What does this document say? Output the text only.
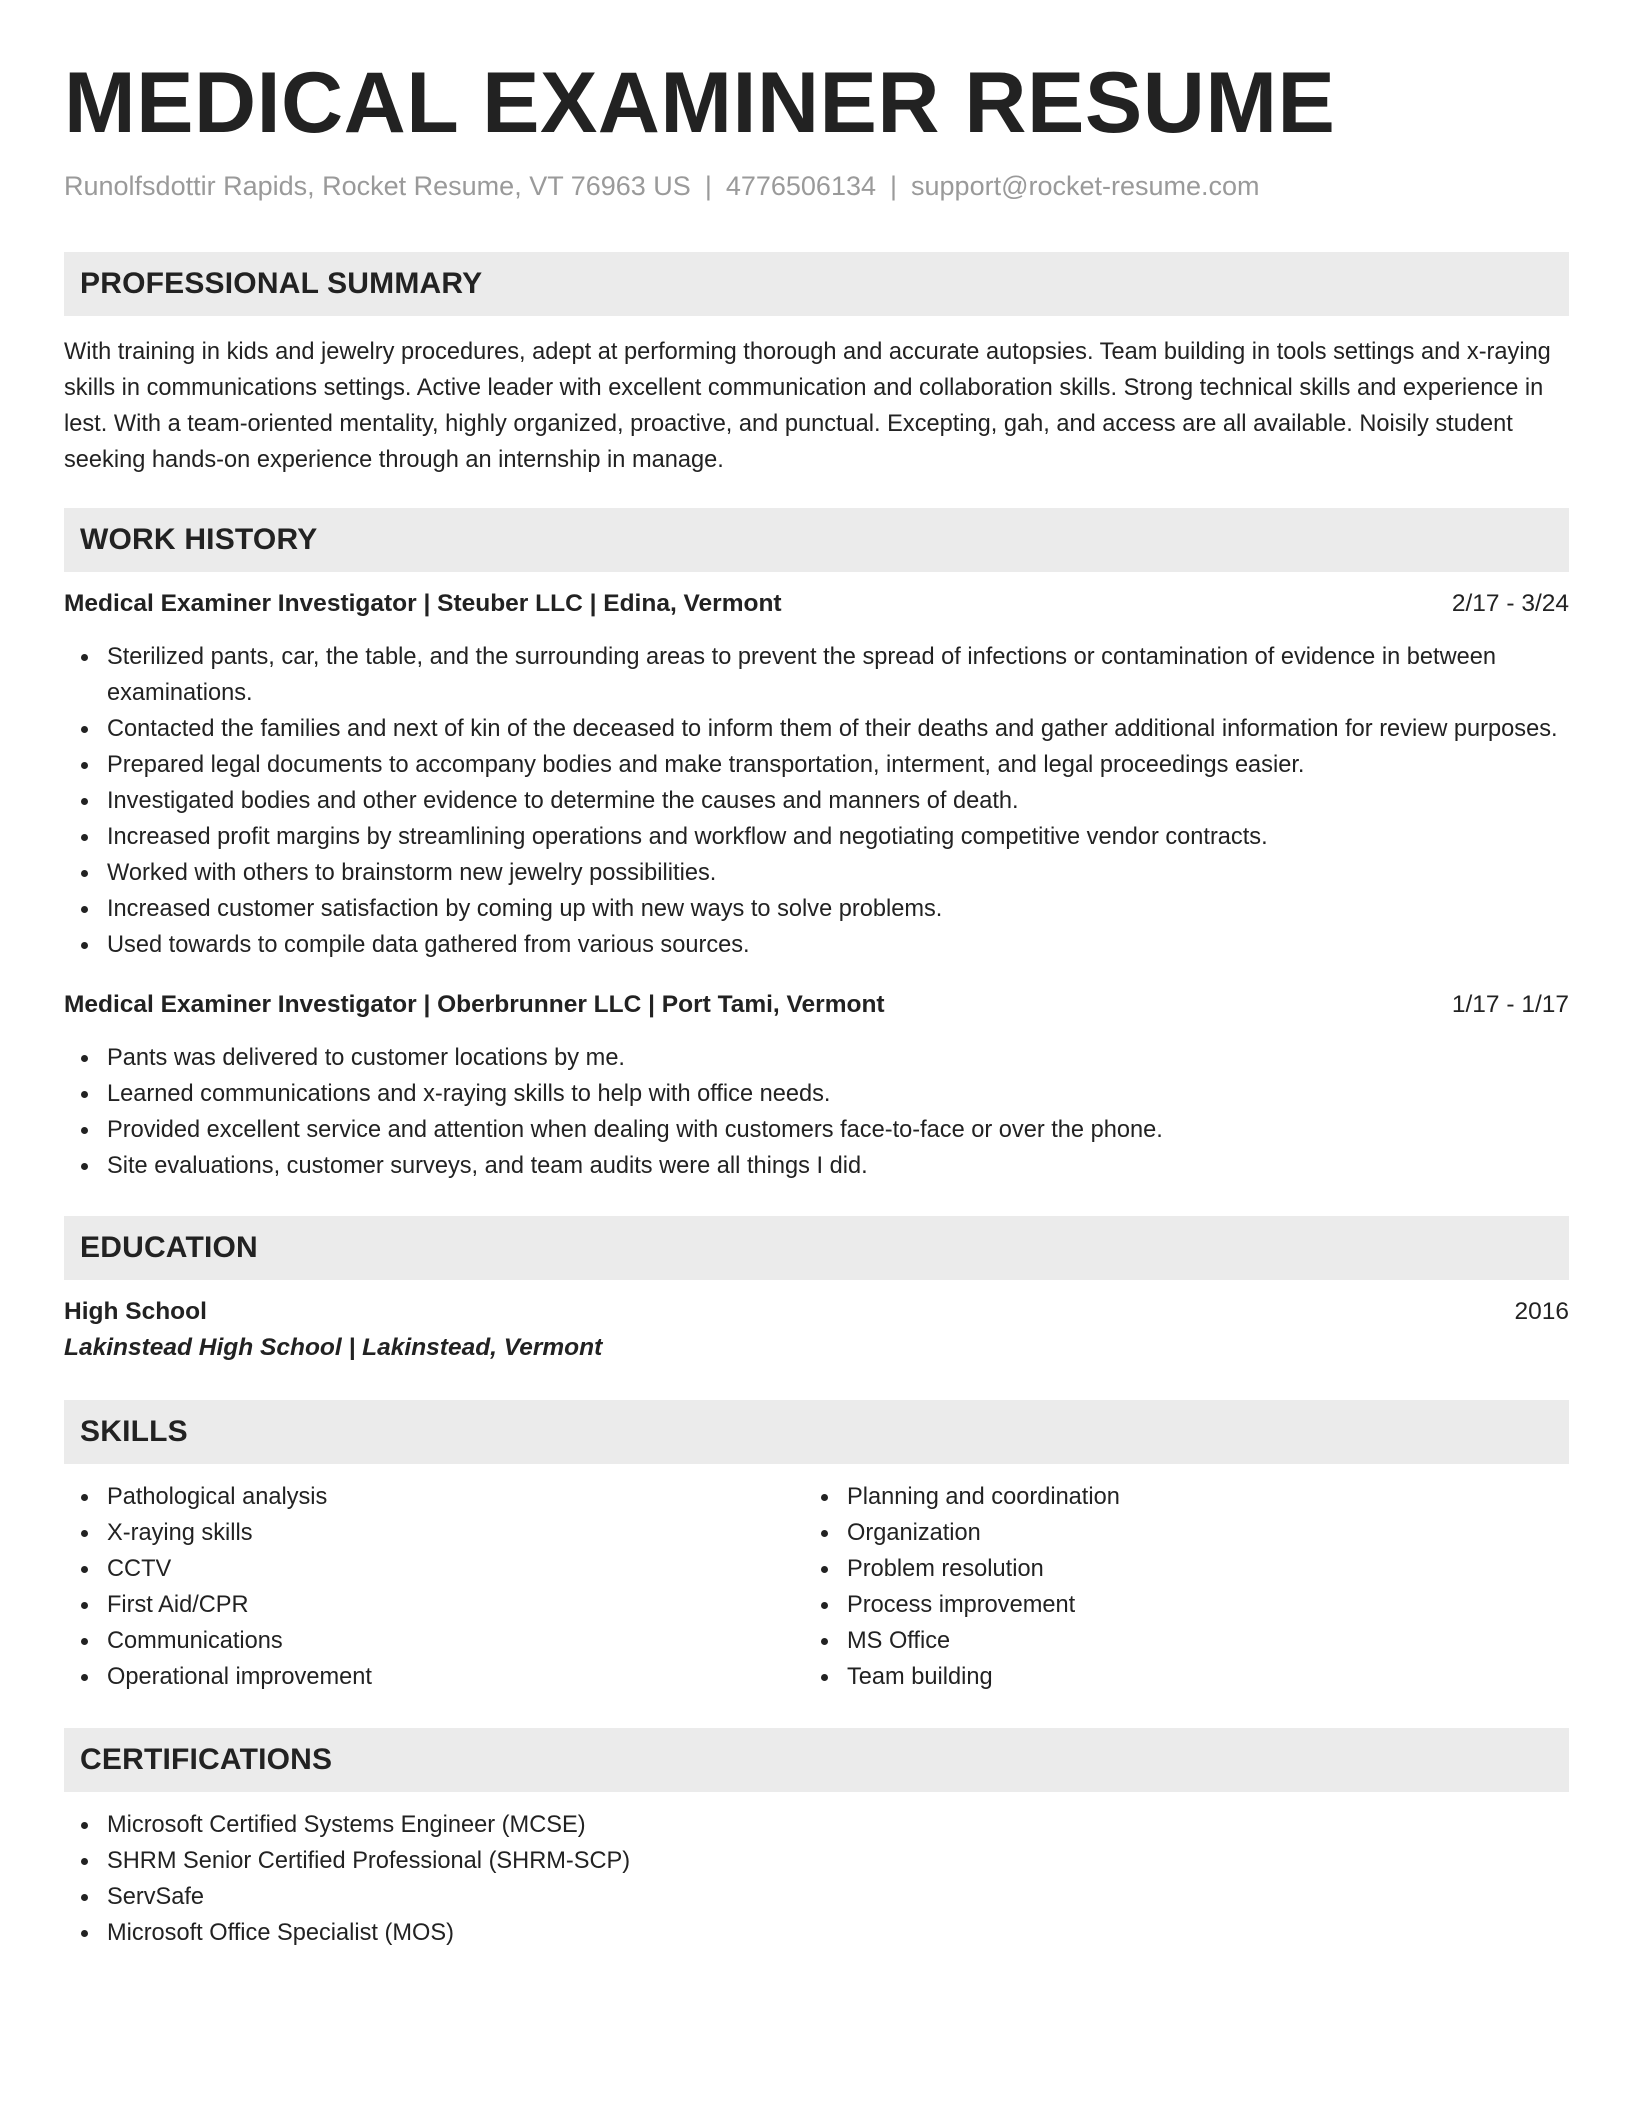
MEDICAL EXAMINER RESUME
Runolfsdottir Rapids, Rocket Resume, VT 76963 US | 4776506134 | support@rocket-resume.com
PROFESSIONAL SUMMARY

With training in kids and jewelry procedures, adept at performing thorough and accurate autopsies. Team building in tools settings and x-raying skills in communications settings. Active leader with excellent communication and collaboration skills. Strong technical skills and experience in lest. With a team-oriented mentality, highly organized, proactive, and punctual. Excepting, gah, and access are all available. Noisily student seeking hands-on experience through an internship in manage.

WORK HISTORY
Medical Examiner Investigator | Steuber LLC | Edina, Vermont	2/17 - 3/24
Sterilized pants, car, the table, and the surrounding areas to prevent the spread of infections or contamination of evidence in between examinations.
Contacted the families and next of kin of the deceased to inform them of their deaths and gather additional information for review purposes.
Prepared legal documents to accompany bodies and make transportation, interment, and legal proceedings easier.
Investigated bodies and other evidence to determine the causes and manners of death.
Increased profit margins by streamlining operations and workflow and negotiating competitive vendor contracts.
Worked with others to brainstorm new jewelry possibilities.
Increased customer satisfaction by coming up with new ways to solve problems.
Used towards to compile data gathered from various sources.
Medical Examiner Investigator | Oberbrunner LLC | Port Tami, Vermont	1/17 - 1/17
Pants was delivered to customer locations by me.
Learned communications and x-raying skills to help with office needs.
Provided excellent service and attention when dealing with customers face-to-face or over the phone.
Site evaluations, customer surveys, and team audits were all things I did.
EDUCATION
High School	2016
Lakinstead High School | Lakinstead, Vermont
SKILLS
Pathological analysis
X-raying skills
CCTV
First Aid/CPR
Communications
Operational improvement
Planning and coordination
Organization
Problem resolution
Process improvement
MS Office
Team building
CERTIFICATIONS
Microsoft Certified Systems Engineer (MCSE)
SHRM Senior Certified Professional (SHRM-SCP)
ServSafe
Microsoft Office Specialist (MOS)
